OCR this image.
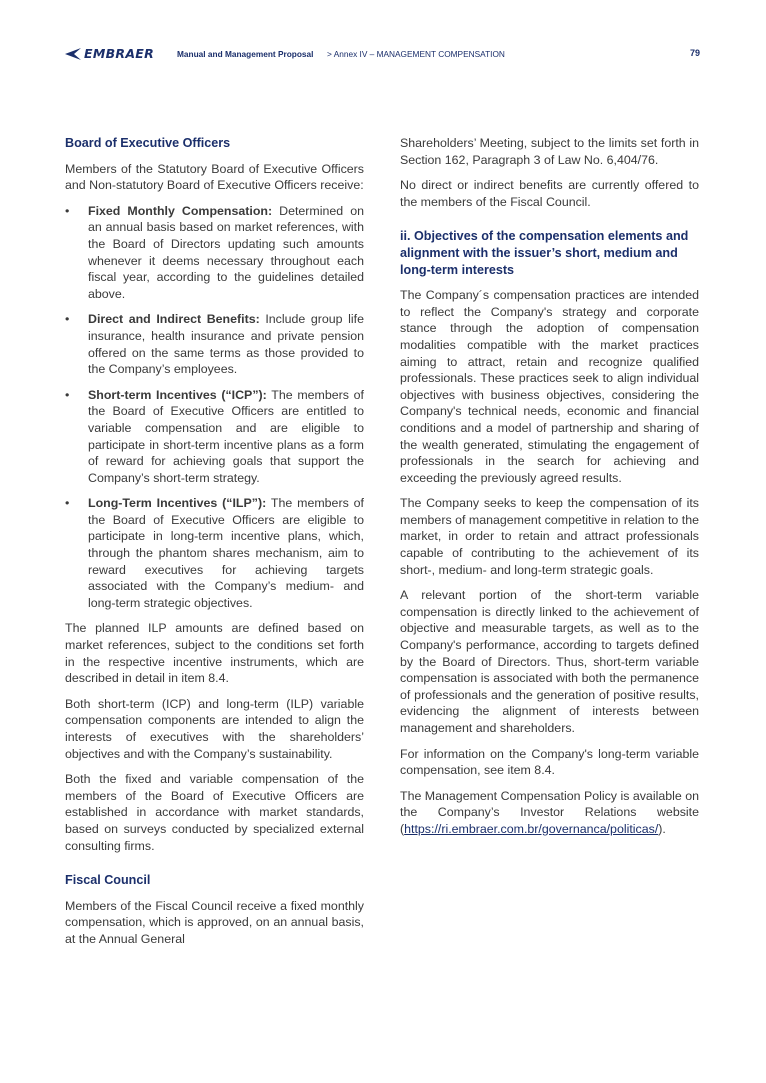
EMBRAER	Manual and Management Proposal > Annex IV – MANAGEMENT COMPENSATION	79
Board of Executive Officers

Members of the Statutory Board of Executive Officers and Non-statutory Board of Executive Officers receive:

• Fixed Monthly Compensation: Determined on an annual basis based on market references, with the Board of Directors updating such amounts whenever it deems necessary throughout each fiscal year, according to the guidelines detailed above.
• Direct and Indirect Benefits: Include group life insurance, health insurance and private pension offered on the same terms as those provided to the Company’s employees.
• Short-term Incentives (“ICP”): The members of the Board of Executive Officers are entitled to variable compensation and are eligible to participate in short-term incentive plans as a form of reward for achieving goals that support the Company’s short-term strategy.
• Long-Term Incentives (“ILP”): The members of the Board of Executive Officers are eligible to participate in long-term incentive plans, which, through the phantom shares mechanism, aim to reward executives for achieving targets associated with the Company’s medium- and long-term strategic objectives.

The planned ILP amounts are defined based on market references, subject to the conditions set forth in the respective incentive instruments, which are described in detail in item 8.4.

Both short-term (ICP) and long-term (ILP) variable compensation components are intended to align the interests of executives with the shareholders’ objectives and with the Company’s sustainability.

Both the fixed and variable compensation of the members of the Board of Executive Officers are established in accordance with market standards, based on surveys conducted by specialized external consulting firms.

Fiscal Council

Members of the Fiscal Council receive a fixed monthly compensation, which is approved, on an annual basis, at the Annual General

Shareholders’ Meeting, subject to the limits set forth in Section 162, Paragraph 3 of Law No. 6,404/76.

No direct or indirect benefits are currently offered to the members of the Fiscal Council.

ii. Objectives of the compensation elements and alignment with the issuer’s short, medium and long-term interests

The Company´s compensation practices are intended to reflect the Company's strategy and corporate stance through the adoption of compensation modalities compatible with the market practices aiming to attract, retain and recognize qualified professionals. These practices seek to align individual objectives with business objectives, considering the Company's technical needs, economic and financial conditions and a model of partnership and sharing of the wealth generated, stimulating the engagement of professionals in the search for achieving and exceeding the previously agreed results.

The Company seeks to keep the compensation of its members of management competitive in relation to the market, in order to retain and attract professionals capable of contributing to the achievement of its short-, medium- and long-term strategic goals.

A relevant portion of the short-term variable compensation is directly linked to the achievement of objective and measurable targets, as well as to the Company's performance, according to targets defined by the Board of Directors. Thus, short-term variable compensation is associated with both the permanence of professionals and the generation of positive results, evidencing the alignment of interests between management and shareholders.

For information on the Company's long-term variable compensation, see item 8.4.

The Management Compensation Policy is available on the Company’s Investor Relations website (https://ri.embraer.com.br/governanca/politicas/).
